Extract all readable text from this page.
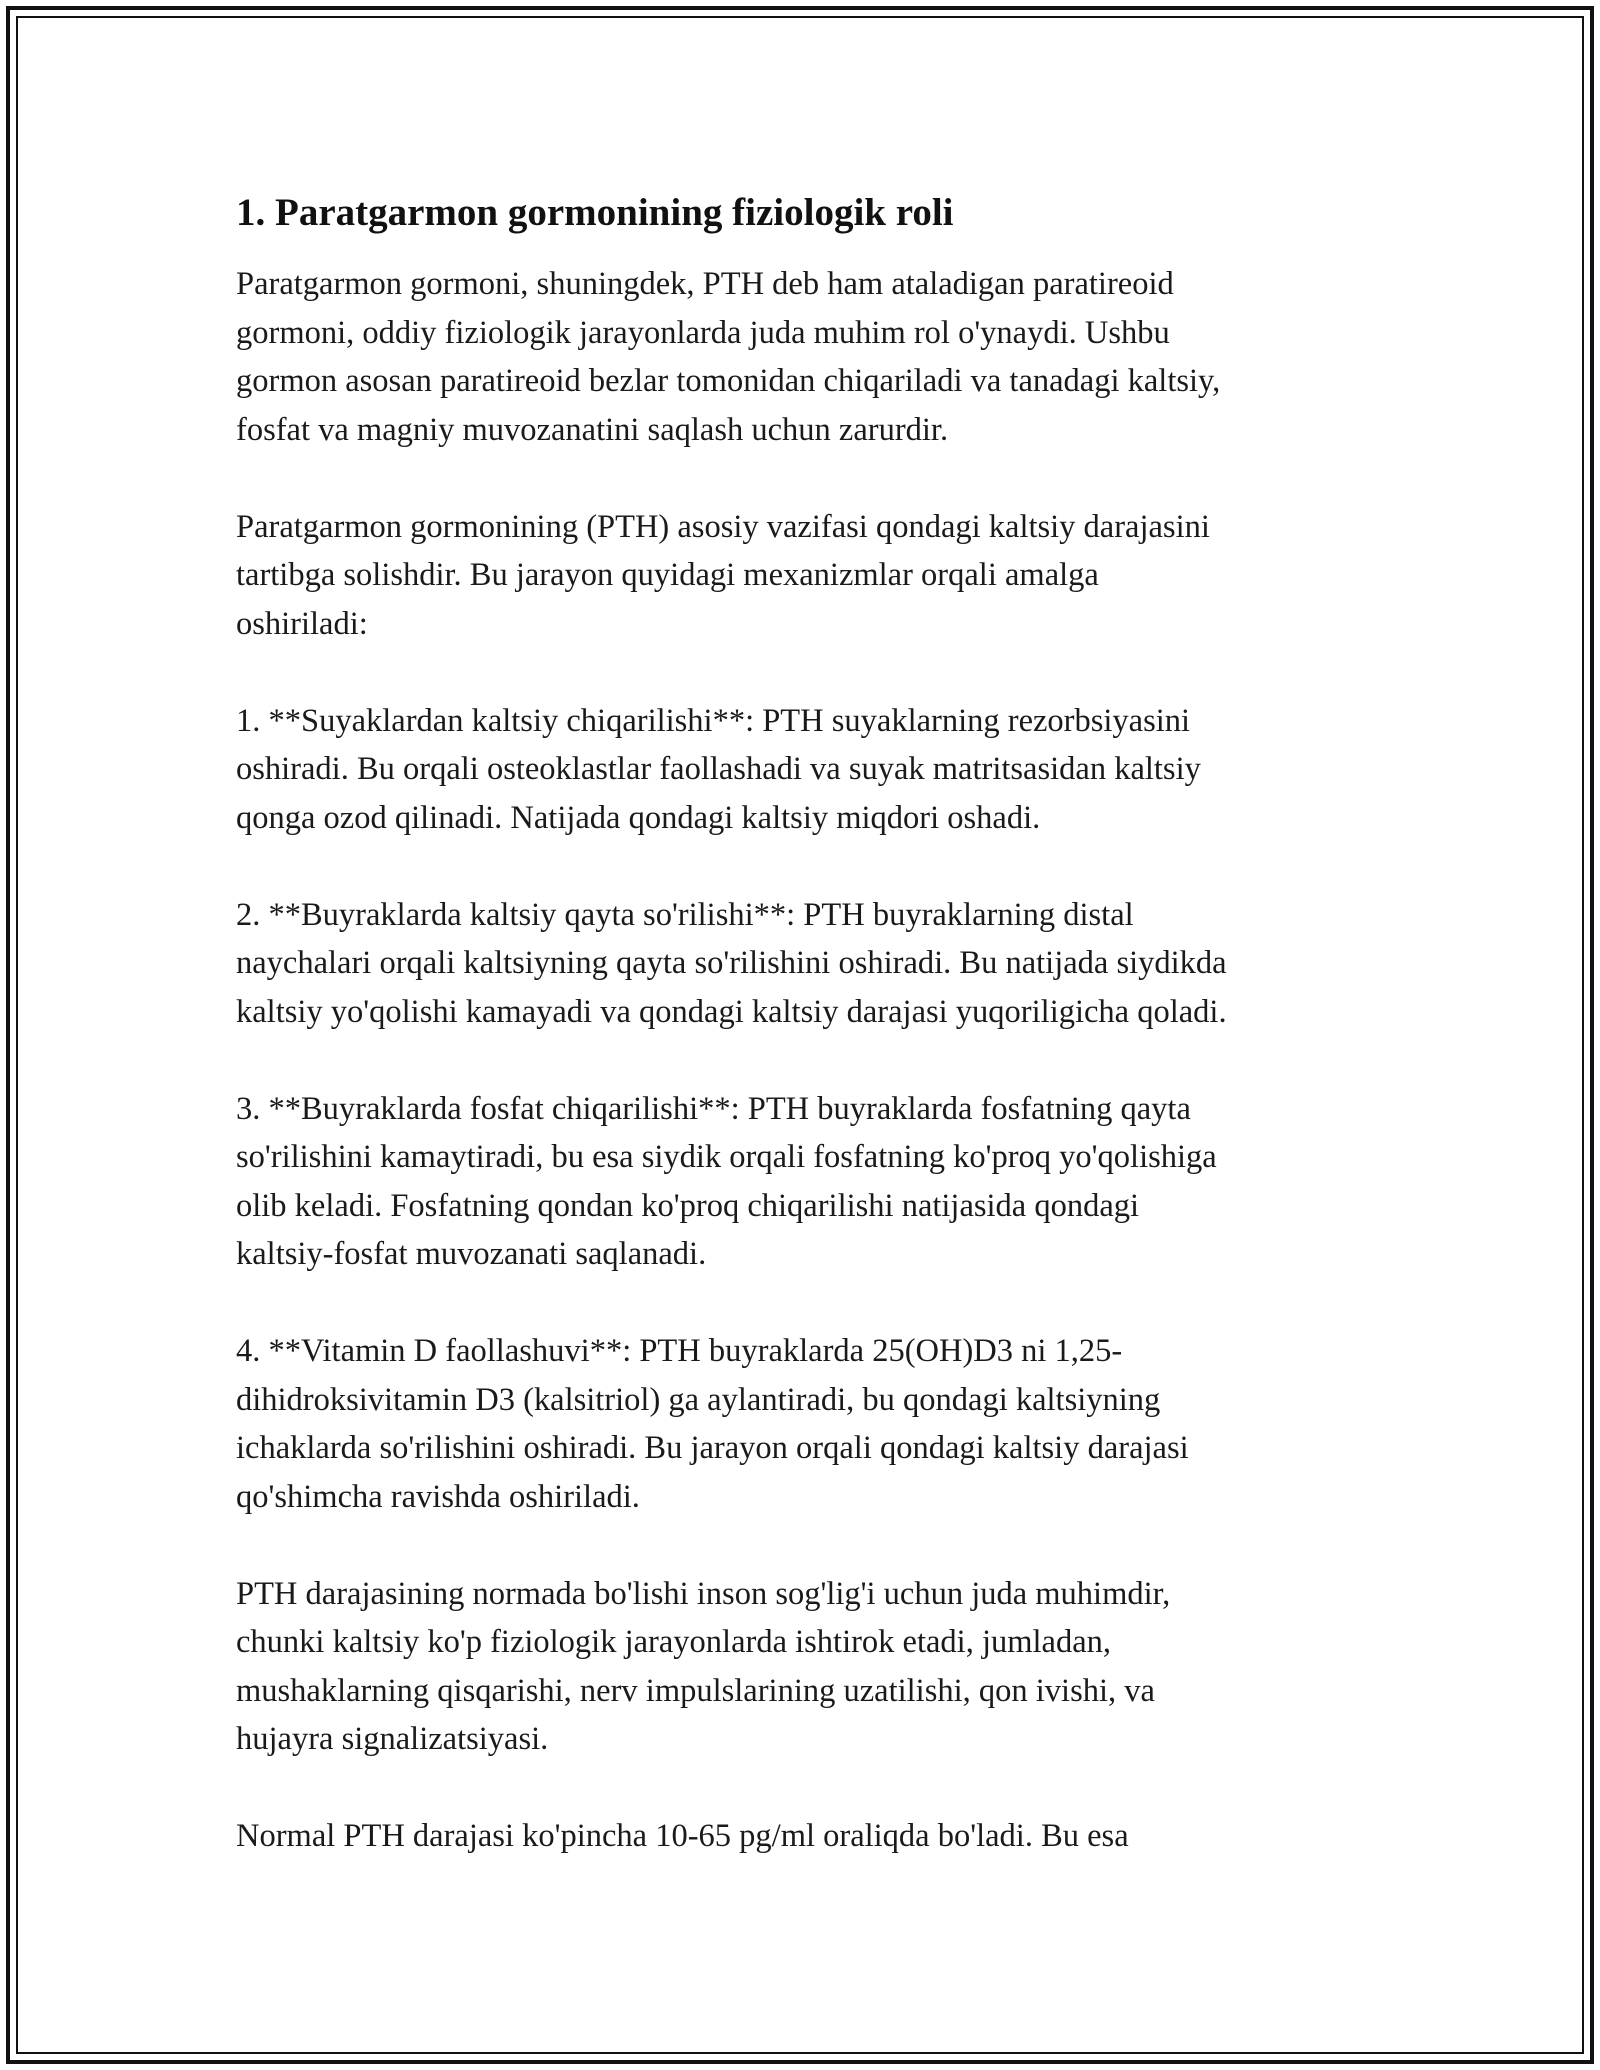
1. Paratgarmon gormonining fiziologik roli

Paratgarmon gormoni, shuningdek, PTH deb ham ataladigan paratireoid
gormoni, oddiy fiziologik jarayonlarda juda muhim rol o'ynaydi. Ushbu
gormon asosan paratireoid bezlar tomonidan chiqariladi va tanadagi kaltsiy,
fosfat va magniy muvozanatini saqlash uchun zarurdir.

Paratgarmon gormonining (PTH) asosiy vazifasi qondagi kaltsiy darajasini
tartibga solishdir. Bu jarayon quyidagi mexanizmlar orqali amalga
oshiriladi:

1. **Suyaklardan kaltsiy chiqarilishi**: PTH suyaklarning rezorbsiyasini
oshiradi. Bu orqali osteoklastlar faollashadi va suyak matritsasidan kaltsiy
qonga ozod qilinadi. Natijada qondagi kaltsiy miqdori oshadi.

2. **Buyraklarda kaltsiy qayta so'rilishi**: PTH buyraklarning distal
naychalari orqali kaltsiyning qayta so'rilishini oshiradi. Bu natijada siydikda
kaltsiy yo'qolishi kamayadi va qondagi kaltsiy darajasi yuqoriligicha qoladi.

3. **Buyraklarda fosfat chiqarilishi**: PTH buyraklarda fosfatning qayta
so'rilishini kamaytiradi, bu esa siydik orqali fosfatning ko'proq yo'qolishiga
olib keladi. Fosfatning qondan ko'proq chiqarilishi natijasida qondagi
kaltsiy-fosfat muvozanati saqlanadi.

4. **Vitamin D faollashuvi**: PTH buyraklarda 25(OH)D3 ni 1,25-
dihidroksivitamin D3 (kalsitriol) ga aylantiradi, bu qondagi kaltsiyning
ichaklarda so'rilishini oshiradi. Bu jarayon orqali qondagi kaltsiy darajasi
qo'shimcha ravishda oshiriladi.

PTH darajasining normada bo'lishi inson sog'lig'i uchun juda muhimdir,
chunki kaltsiy ko'p fiziologik jarayonlarda ishtirok etadi, jumladan,
mushaklarning qisqarishi, nerv impulslarining uzatilishi, qon ivishi, va
hujayra signalizatsiyasi.

Normal PTH darajasi ko'pincha 10-65 pg/ml oraliqda bo'ladi. Bu esa
